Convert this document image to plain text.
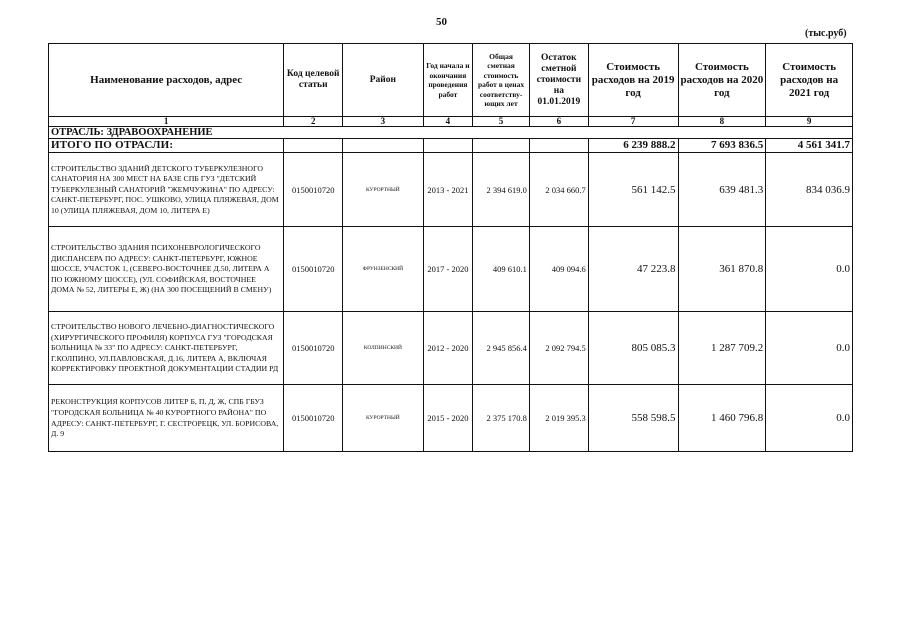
50
(тыс.руб)
Наименование расходов, адрес	Код целевой статьи	Район	Год начала и окончания проведения работ	Общая сметная стоимость работ в ценах соответству-ющих лет	Остаток сметной стоимости на 01.01.2019	Стоимость расходов на 2019 год	Стоимость расходов на 2020 год	Стоимость расходов на 2021 год
1	2	3	4	5	6	7	8	9
ОТРАСЛЬ: ЗДРАВООХРАНЕНИЕ								
ИТОГО ПО ОТРАСЛИ:						6 239 888.2	7 693 836.5	4 561 341.7
СТРОИТЕЛЬСТВО ЗДАНИЙ ДЕТСКОГО ТУБЕРКУЛЕЗНОГО САНАТОРИЯ НА 300 МЕСТ НА БАЗЕ СПБ ГУЗ "ДЕТСКИЙ ТУБЕРКУЛЕЗНЫЙ САНАТОРИЙ "ЖЕМЧУЖИНА" ПО АДРЕСУ: САНКТ-ПЕТЕРБУРГ, ПОС. УШКОВО, УЛИЦА ПЛЯЖЕВАЯ, ДОМ 10 (УЛИЦА ПЛЯЖЕВАЯ, ДОМ 10, ЛИТЕРА Е)	0150010720	КУРОРТНЫЙ	2013 - 2021	2 394 619.0	2 034 660.7	561 142.5	639 481.3	834 036.9
СТРОИТЕЛЬСТВО ЗДАНИЯ ПСИХОНЕВРОЛОГИЧЕСКОГО ДИСПАНСЕРА ПО АДРЕСУ: САНКТ-ПЕТЕРБУРГ, ЮЖНОЕ ШОССЕ, УЧАСТОК 1, (СЕВЕРО-ВОСТОЧНЕЕ Д.50, ЛИТЕРА А ПО ЮЖНОМУ ШОССЕ), (УЛ. СОФИЙСКАЯ, ВОСТОЧНЕЕ ДОМА № 52, ЛИТЕРЫ Е, Ж) (НА 300 ПОСЕЩЕНИЙ В СМЕНУ)	0150010720	ФРУНЗЕНСКИЙ	2017 - 2020	409 610.1	409 094.6	47 223.8	361 870.8	0.0
СТРОИТЕЛЬСТВО НОВОГО ЛЕЧЕБНО-ДИАГНОСТИЧЕСКОГО (ХИРУРГИЧЕСКОГО ПРОФИЛЯ) КОРПУСА ГУЗ "ГОРОДСКАЯ БОЛЬНИЦА № 33" ПО АДРЕСУ: САНКТ-ПЕТЕРБУРГ, Г.КОЛПИНО, УЛ.ПАВЛОВСКАЯ, Д.16, ЛИТЕРА А, ВКЛЮЧАЯ КОРРЕКТИРОВКУ ПРОЕКТНОЙ ДОКУМЕНТАЦИИ СТАДИИ РД	0150010720	КОЛПИНСКИЙ	2012 - 2020	2 945 856.4	2 092 794.5	805 085.3	1 287 709.2	0.0
РЕКОНСТРУКЦИЯ КОРПУСОВ ЛИТЕР Б, П, Д, Ж, СПБ ГБУЗ "ГОРОДСКАЯ БОЛЬНИЦА № 40 КУРОРТНОГО РАЙОНА" ПО АДРЕСУ: САНКТ-ПЕТЕРБУРГ, Г. СЕСТРОРЕЦК, УЛ. БОРИСОВА, Д. 9	0150010720	КУРОРТНЫЙ	2015 - 2020	2 375 170.8	2 019 395.3	558 598.5	1 460 796.8	0.0
